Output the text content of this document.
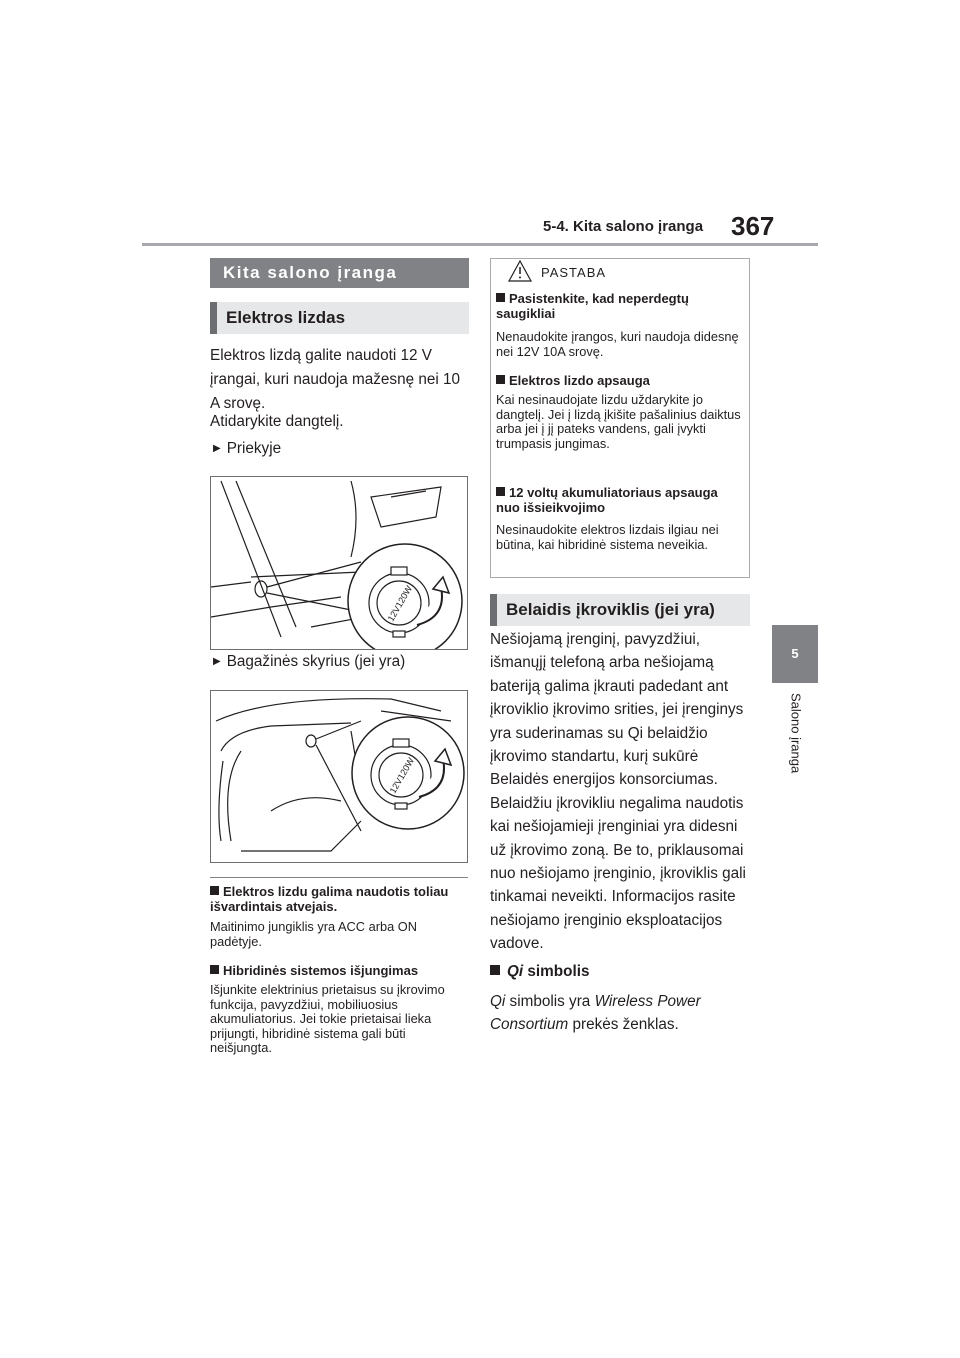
5-4. Kita salono įranga 367
5
Salono įranga
Kita salono įranga
Elektros lizdas
Elektros lizdą galite naudoti 12 V įrangai, kuri naudoja mažesnę nei 10 A srovę.
Atidarykite dangtelį.
▶ Priekyje
12V120W
▶ Bagažinės skyrius (jei yra)
12V120W
Elektros lizdu galima naudotis toliau išvardintais atvejais.
Maitinimo jungiklis yra ACC arba ON padėtyje.
Hibridinės sistemos išjungimas
Išjunkite elektrinius prietaisus su įkrovimo funkcija, pavyzdžiui, mobiliuosius akumuliatorius. Jei tokie prietaisai lieka prijungti, hibridinė sistema gali būti neišjungta.
PASTABA
Pasistenkite, kad neperdegtų saugikliai
Nenaudokite įrangos, kuri naudoja didesnę nei 12V 10A srovę.
Elektros lizdo apsauga
Kai nesinaudojate lizdu uždarykite jo dangtelį. Jei į lizdą įkišite pašalinius daiktus arba jei į jį pateks vandens, gali įvykti trumpasis jungimas.
12 voltų akumuliatoriaus apsauga nuo išsieikvojimo
Nesinaudokite elektros lizdais ilgiau nei būtina, kai hibridinė sistema neveikia.
Belaidis įkroviklis (jei yra)
Nešiojamą įrenginį, pavyzdžiui, išmanųjį telefoną arba nešiojamą bateriją galima įkrauti padedant ant įkroviklio įkrovimo srities, jei įrenginys yra suderinamas su Qi belaidžio įkrovimo standartu, kurį sukūrė Belaidės energijos konsorciumas. Belaidžiu įkrovikliu negalima naudotis kai nešiojamieji įrenginiai yra didesni už įkrovimo zoną. Be to, priklausomai nuo nešiojamo įrenginio, įkroviklis gali tinkamai neveikti. Informacijos rasite nešiojamo įrenginio eksploatacijos vadove.
Qi simbolis
Qi simbolis yra Wireless Power Consortium prekės ženklas.
